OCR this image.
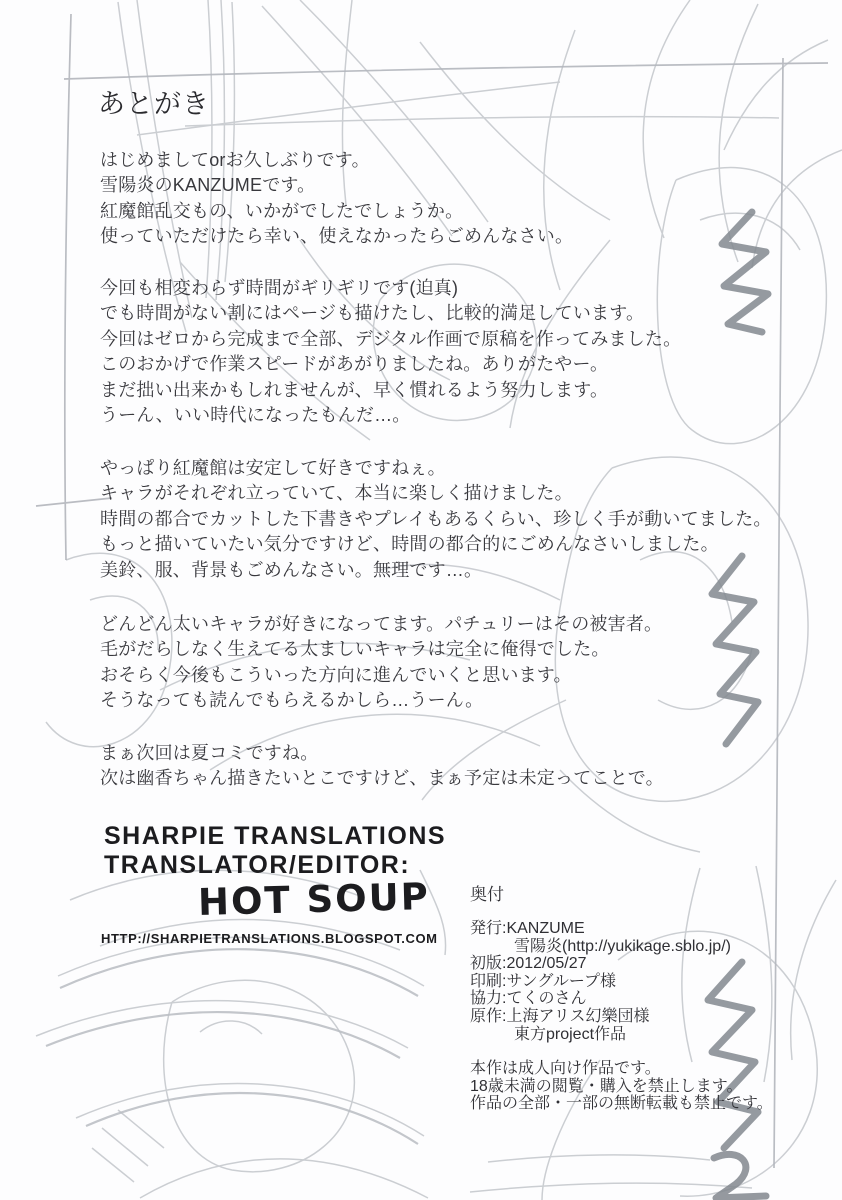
あとがき
はじめましてorお久しぶりです。
雪陽炎のKANZUMEです。
紅魔館乱交もの、いかがでしたでしょうか。
使っていただけたら幸い、使えなかったらごめんなさい。
今回も相変わらず時間がギリギリです(迫真)
でも時間がない割にはページも描けたし、比較的満足しています。
今回はゼロから完成まで全部、デジタル作画で原稿を作ってみました。
このおかげで作業スピードがあがりましたね。ありがたやー。
まだ拙い出来かもしれませんが、早く慣れるよう努力します。
うーん、いい時代になったもんだ…。
やっぱり紅魔館は安定して好きですねぇ。
キャラがそれぞれ立っていて、本当に楽しく描けました。
時間の都合でカットした下書きやプレイもあるくらい、珍しく手が動いてました。
もっと描いていたい気分ですけど、時間の都合的にごめんなさいしました。
美鈴、服、背景もごめんなさい。無理です…。
どんどん太いキャラが好きになってます。パチュリーはその被害者。
毛がだらしなく生えてる太ましいキャラは完全に俺得でした。
おそらく今後もこういった方向に進んでいくと思います。
そうなっても読んでもらえるかしら…うーん。
まぁ次回は夏コミですね。
次は幽香ちゃん描きたいとこですけど、まぁ予定は未定ってことで。
SHARPIE TRANSLATIONS
TRANSLATOR/EDITOR:
HOT SOUP
HTTP://SHARPIETRANSLATIONS.BLOGSPOT.COM
奥付
発行:KANZUME
雪陽炎(http://yukikage.sblo.jp/)
初版:2012/05/27
印刷:サングループ様
協力:てくのさん
原作:上海アリス幻樂団様
東方project作品
本作は成人向け作品です。
18歳未満の閲覧・購入を禁止します。
作品の全部・一部の無断転載も禁止です。
